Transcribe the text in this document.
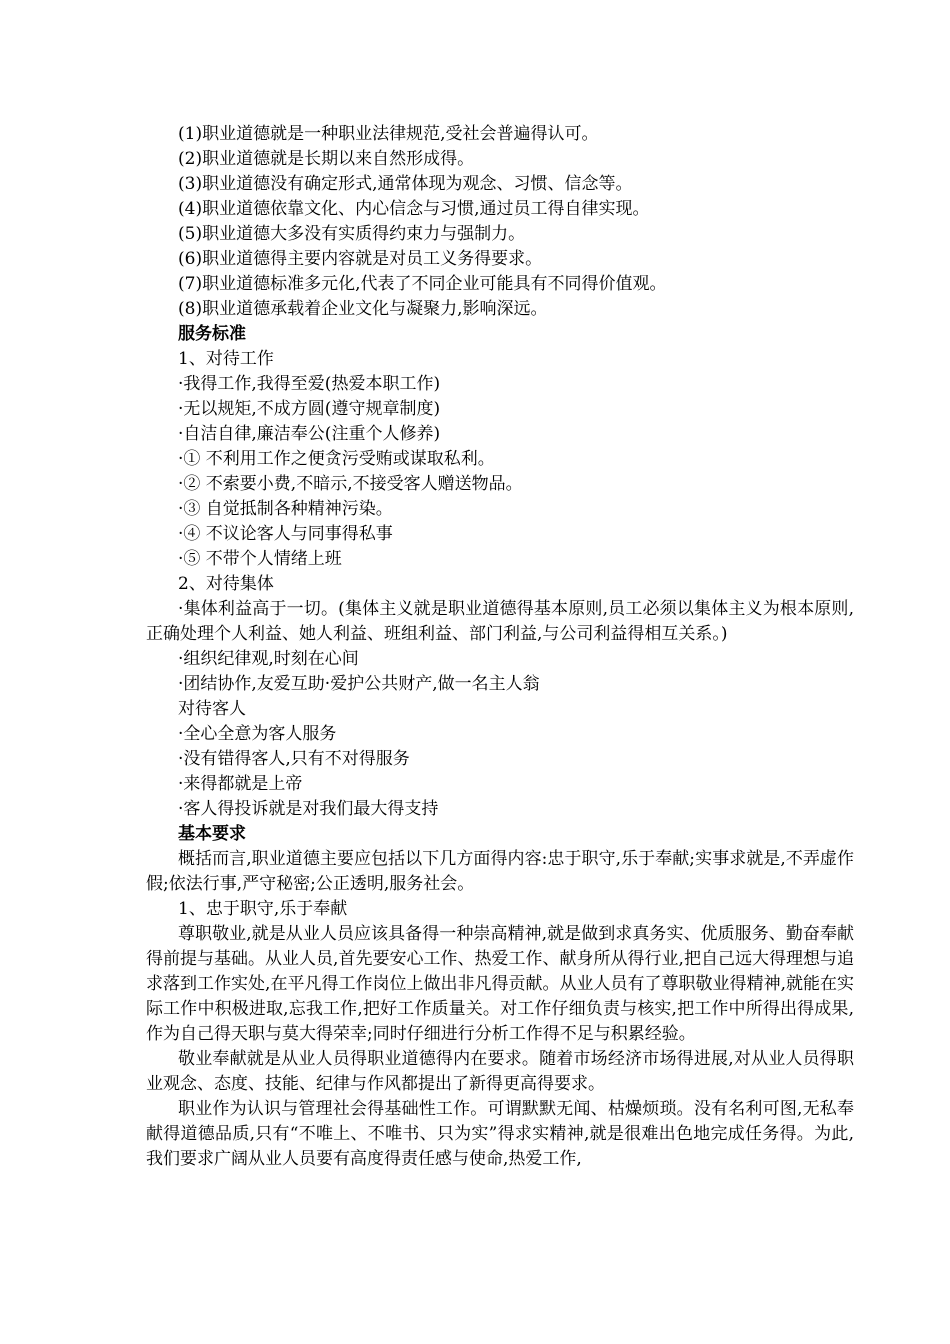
(1)职业道德就是一种职业法律规范,受社会普遍得认可。
(2)职业道德就是长期以来自然形成得。
(3)职业道德没有确定形式,通常体现为观念、习惯、信念等。
(4)职业道德依靠文化、内心信念与习惯,通过员工得自律实现。
(5)职业道德大多没有实质得约束力与强制力。
(6)职业道德得主要内容就是对员工义务得要求。
(7)职业道德标准多元化,代表了不同企业可能具有不同得价值观。
(8)职业道德承载着企业文化与凝聚力,影响深远。
服务标准
1、对待工作
·我得工作,我得至爱(热爱本职工作)
·无以规矩,不成方圆(遵守规章制度)
·自洁自律,廉洁奉公(注重个人修养)
·① 不利用工作之便贪污受贿或谋取私利。
·② 不索要小费,不暗示,不接受客人赠送物品。
·③ 自觉抵制各种精神污染。
·④ 不议论客人与同事得私事
·⑤ 不带个人情绪上班
2、对待集体
·集体利益高于一切。(集体主义就是职业道德得基本原则,员工必须以集体主义为根本原则,正确处理个人利益、她人利益、班组利益、部门利益,与公司利益得相互关系。)
·组织纪律观,时刻在心间
·团结协作,友爱互助·爱护公共财产,做一名主人翁
对待客人
·全心全意为客人服务
·没有错得客人,只有不对得服务
·来得都就是上帝
·客人得投诉就是对我们最大得支持
基本要求
概括而言,职业道德主要应包括以下几方面得内容:忠于职守,乐于奉献;实事求就是,不弄虚作假;依法行事,严守秘密;公正透明,服务社会。
1、忠于职守,乐于奉献
尊职敬业,就是从业人员应该具备得一种崇高精神,就是做到求真务实、优质服务、勤奋奉献得前提与基础。从业人员,首先要安心工作、热爱工作、献身所从得行业,把自己远大得理想与追求落到工作实处,在平凡得工作岗位上做出非凡得贡献。从业人员有了尊职敬业得精神,就能在实际工作中积极进取,忘我工作,把好工作质量关。对工作仔细负责与核实,把工作中所得出得成果,作为自己得天职与莫大得荣幸;同时仔细进行分析工作得不足与积累经验。
敬业奉献就是从业人员得职业道德得内在要求。随着市场经济市场得进展,对从业人员得职业观念、态度、技能、纪律与作风都提出了新得更高得要求。
职业作为认识与管理社会得基础性工作。可谓默默无闻、枯燥烦琐。没有名利可图,无私奉献得道德品质,只有“不唯上、不唯书、只为实”得求实精神,就是很难出色地完成任务得。为此,我们要求广阔从业人员要有高度得责任感与使命,热爱工作,
